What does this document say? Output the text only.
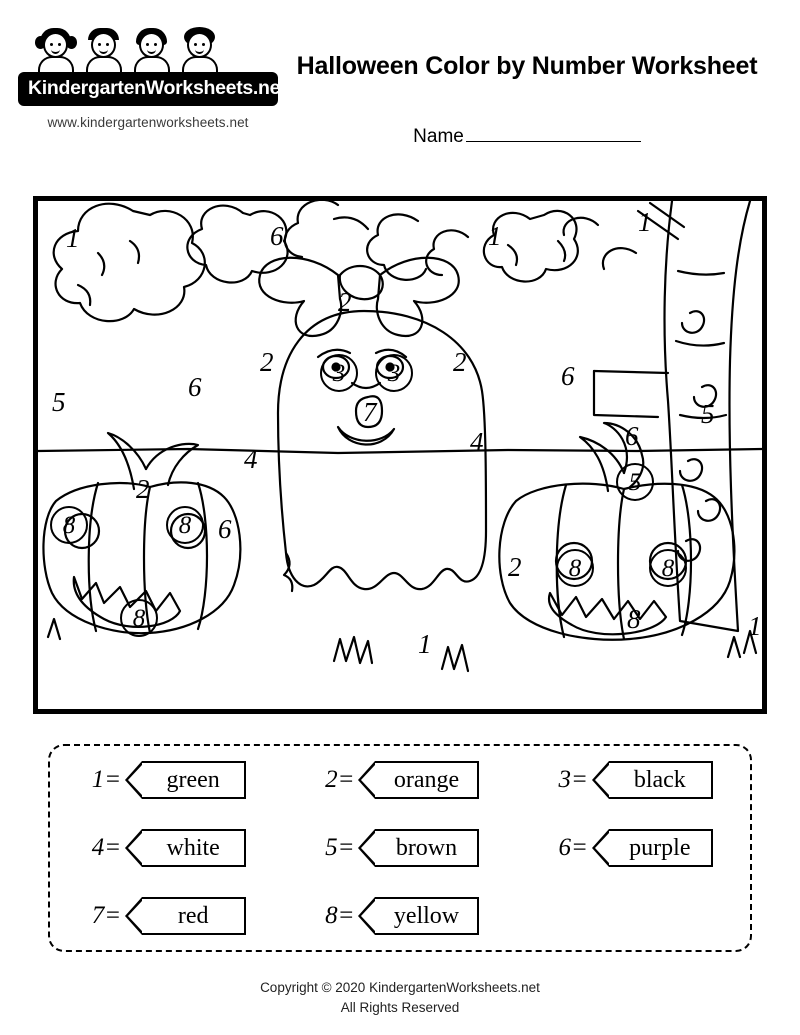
KindergartenWorksheets.net
www.kindergartenworksheets.net
Halloween Color by Number Worksheet
Name
1	6	1	1
2
2	3	3	2	6
5	6
7	5
4	6
4
5
2
8	8 6
2	8	8
8	8
1
1
1= green	2= orange	3= black
4= white	5= brown	6= purple
7= red	8= yellow
Copyright © 2020 KindergartenWorksheets.net
All Rights Reserved
